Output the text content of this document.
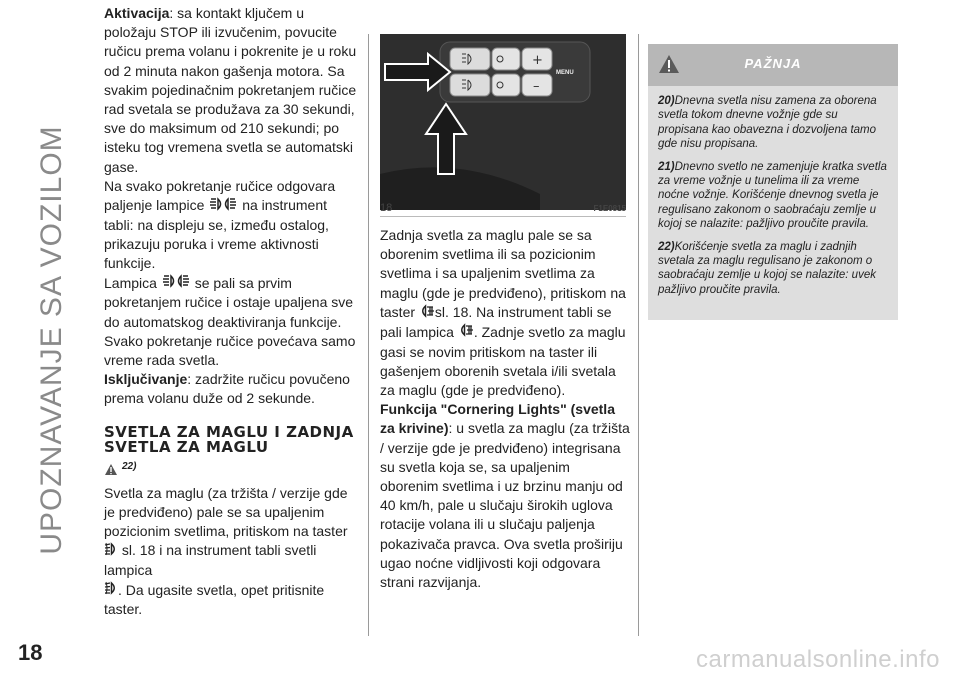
UPOZNAVANJE SA VOZILOM
18

Aktivacija: sa kontakt ključem u položaju STOP ili izvučenim, povucite ručicu prema volanu i pokrenite je u roku od 2 minuta nakon gašenja motora. Sa svakim pojedinačnim pokretanjem ručice rad svetala se produžava za 30 sekundi, sve do maksimum od 210 sekundi; po isteku tog vremena svetla se automatski gase.

Na svako pokretanje ručice odgovara paljenje lampice	na instrument tabli: na displeju se, između ostalog, prikazuju poruka i vreme aktivnosti funkcije.

Lampica	se pali sa prvim pokretanjem ručice i ostaje upaljena sve do automatskog deaktiviranja funkcije. Svako pokretanje ručice povećava samo vreme rada svetla.

Isključivanje: zadržite ručicu povučeno prema volanu duže od 2 sekunde.

SVETLA ZA MAGLU I ZADNJA SVETLA ZA MAGLU

22)

Svetla za maglu (za tržišta / verzije gde je predviđeno) pale se sa upaljenim pozicionim svetlima, pritiskom na taster
sl. 18 i na instrument tabli svetli lampica
. Da ugasite svetla, opet pritisnite taster.

+
–
MENU
18	F1E0815

Zadnja svetla za maglu pale se sa oborenim svetlima ili sa pozicionim svetlima i sa upaljenim svetlima za maglu (gde je predviđeno), pritiskom na taster sl. 18. Na instrument tabli se pali lampica . Zadnje svetlo za maglu gasi se novim pritiskom na taster ili gašenjem oborenih svetala i/ili svetala za maglu (gde je predviđeno).

Funkcija "Cornering Lights" (svetla za krivine): u svetla za maglu (za tržišta / verzije gde je predviđeno) integrisana su svetla koja se, sa upaljenim oborenim svetlima i uz brzinu manju od 40 km/h, pale u slučaju širokih uglova rotacije volana ili u slučaju paljenja pokazivača pravca. Ova svetla proširiju ugao noćne vidljivosti koji odgovara strani razvijanja.

PAŽNJA

20)Dnevna svetla nisu zamena za oborena svetla tokom dnevne vožnje gde su propisana kao obavezna i dozvoljena tamo gde nisu propisana.

21)Dnevno svetlo ne zamenjuje kratka svetla za vreme vožnje u tunelima ili za vreme noćne vožnje. Korišćenje dnevnog svetla je regulisano zakonom o saobraćaju zemlje u kojoj se nalazite: pažljivo proučite pravila.

22)Korišćenje svetla za maglu i zadnjih svetala za maglu regulisano je zakonom o saobraćaju zemlje u kojoj se nalazite: uvek pažljivo proučite pravila.

carmanualsonline.info
